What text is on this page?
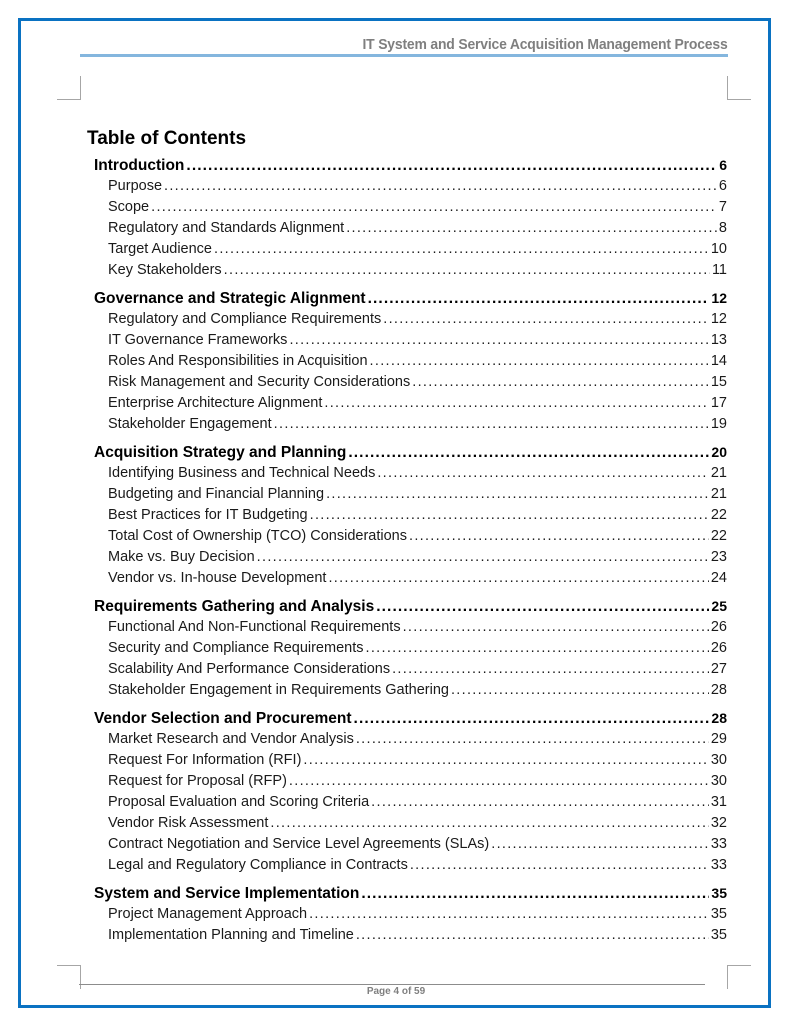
IT System and Service Acquisition Management Process
Table of Contents
Introduction .....	6
Purpose .....	6
Scope .....	7
Regulatory and Standards Alignment .....	8
Target Audience .....	10
Key Stakeholders .....	11
Governance and Strategic Alignment .....	12
Regulatory and Compliance Requirements .....	12
IT Governance Frameworks .....	13
Roles And Responsibilities in Acquisition .....	14
Risk Management and Security Considerations .....	15
Enterprise Architecture Alignment .....	17
Stakeholder Engagement .....	19
Acquisition Strategy and Planning .....	20
Identifying Business and Technical Needs .....	21
Budgeting and Financial Planning .....	21
Best Practices for IT Budgeting .....	22
Total Cost of Ownership (TCO) Considerations .....	22
Make vs. Buy Decision .....	23
Vendor vs. In-house Development .....	24
Requirements Gathering and Analysis .....	25
Functional And Non-Functional Requirements .....	26
Security and Compliance Requirements .....	26
Scalability And Performance Considerations .....	27
Stakeholder Engagement in Requirements Gathering .....	28
Vendor Selection and Procurement .....	28
Market Research and Vendor Analysis .....	29
Request For Information (RFI) .....	30
Request for Proposal (RFP) .....	30
Proposal Evaluation and Scoring Criteria .....	31
Vendor Risk Assessment .....	32
Contract Negotiation and Service Level Agreements (SLAs) .....	33
Legal and Regulatory Compliance in Contracts .....	33
System and Service Implementation .....	35
Project Management Approach .....	35
Implementation Planning and Timeline .....	35
Page 4 of 59
